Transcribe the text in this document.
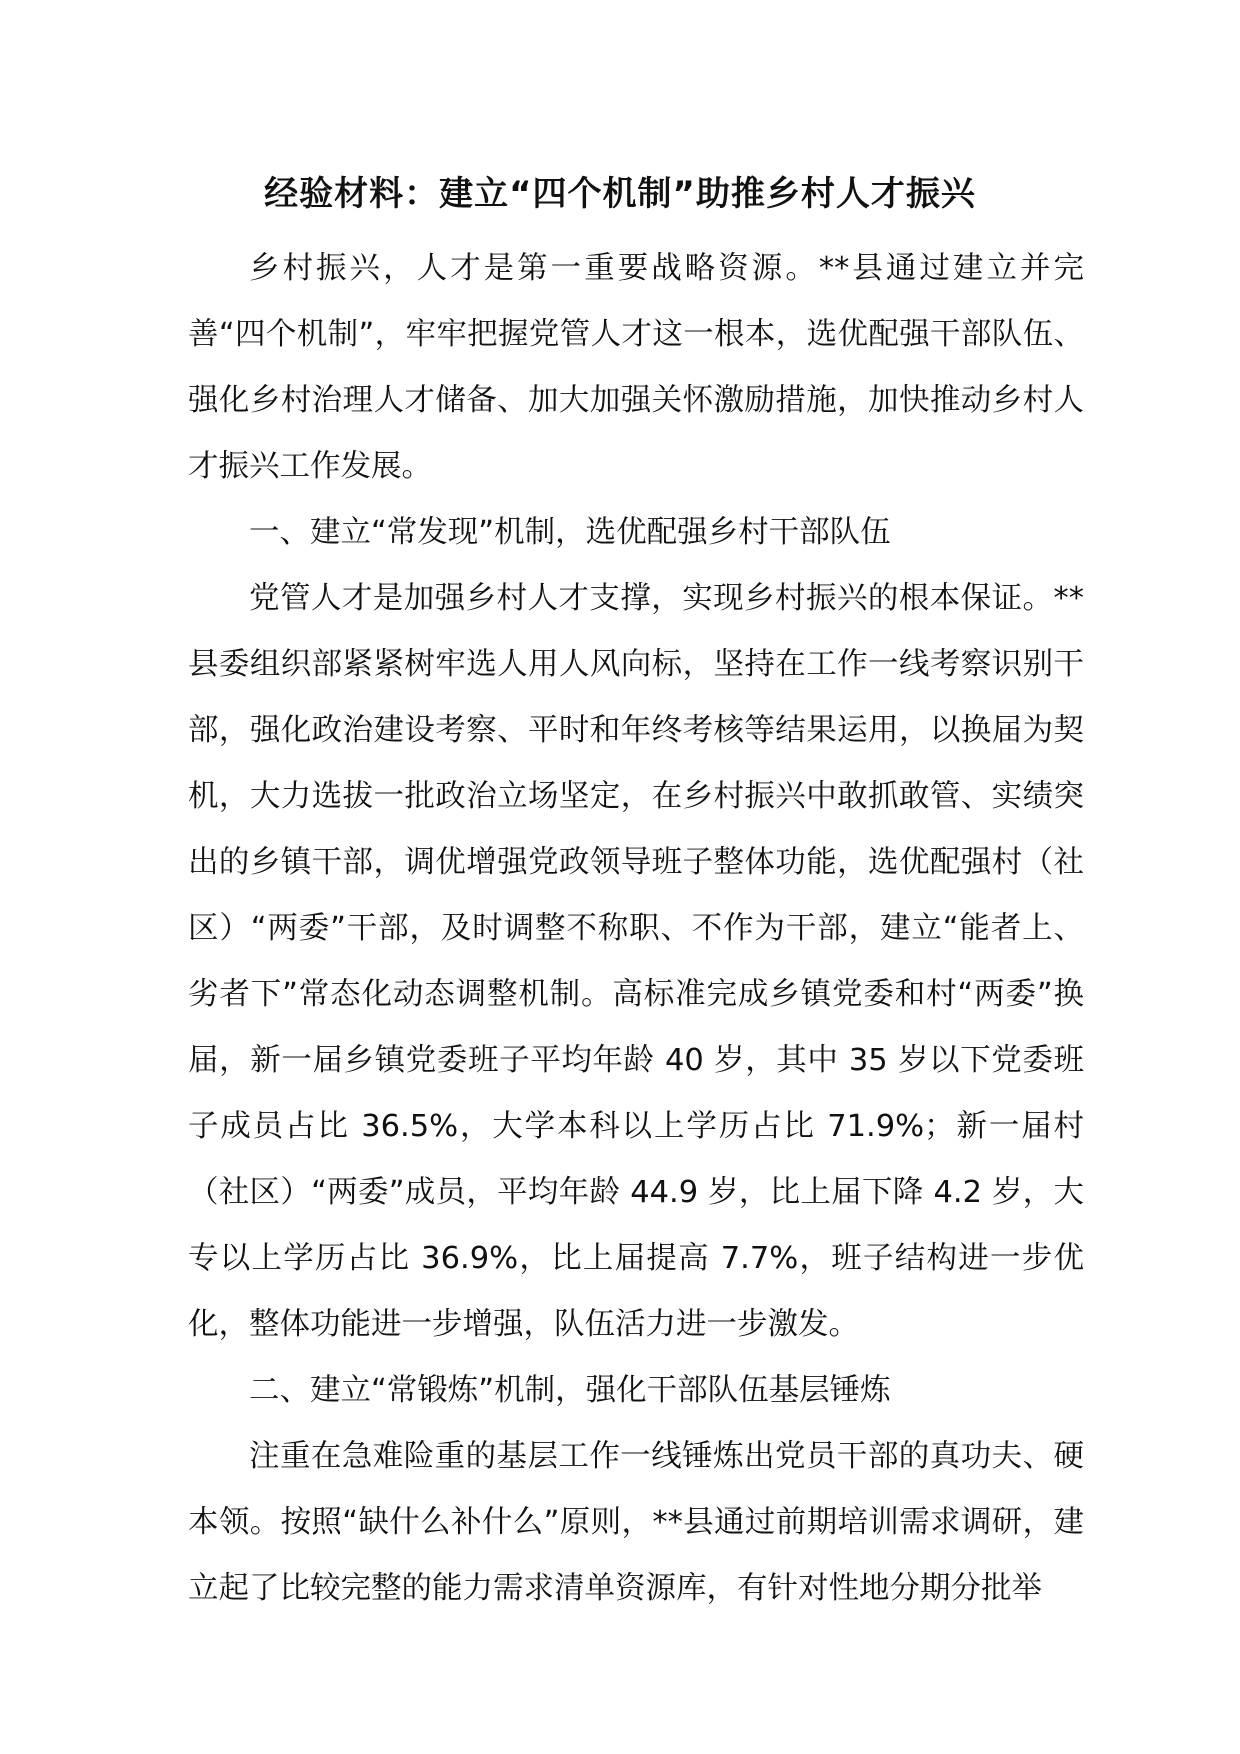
经验材料：建立“四个机制”助推乡村人才振兴

乡村振兴，人才是第一重要战略资源。**县通过建立并完善“四个机制”，牢牢把握党管人才这一根本，选优配强干部队伍、强化乡村治理人才储备、加大加强关怀激励措施，加快推动乡村人才振兴工作发展。

一、建立“常发现”机制，选优配强乡村干部队伍

党管人才是加强乡村人才支撑，实现乡村振兴的根本保证。**县委组织部紧紧树牢选人用人风向标，坚持在工作一线考察识别干部，强化政治建设考察、平时和年终考核等结果运用，以换届为契机，大力选拔一批政治立场坚定，在乡村振兴中敢抓敢管、实绩突出的乡镇干部，调优增强党政领导班子整体功能，选优配强村（社区）“两委”干部，及时调整不称职、不作为干部，建立“能者上、劣者下”常态化动态调整机制。高标准完成乡镇党委和村“两委”换届，新一届乡镇党委班子平均年龄 40 岁，其中 35 岁以下党委班子成员占比 36.5%，大学本科以上学历占比 71.9%；新一届村（社区）“两委”成员，平均年龄 44.9 岁，比上届下降 4.2 岁，大专以上学历占比 36.9%，比上届提高 7.7%，班子结构进一步优化，整体功能进一步增强，队伍活力进一步激发。

二、建立“常锻炼”机制，强化干部队伍基层锤炼

注重在急难险重的基层工作一线锤炼出党员干部的真功夫、硬本领。按照“缺什么补什么”原则，**县通过前期培训需求调研，建立起了比较完整的能力需求清单资源库，有针对性地分期分批举
